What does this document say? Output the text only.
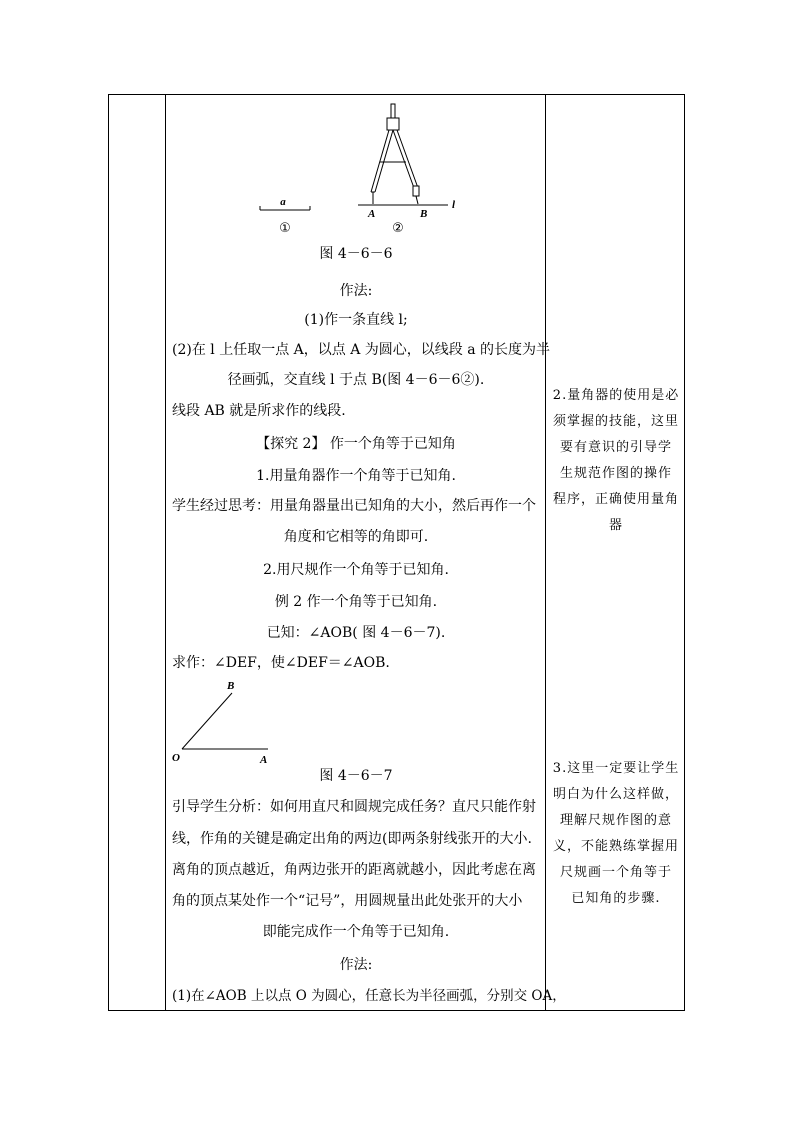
a
①
l
A	B
②
图 4－6－6
作法:
(1)作一条直线 l;
(2)在 l 上任取一点 A，以点 A 为圆心，以线段 a 的长度为半
径画弧，交直线 l 于点 B(图 4－6－6②).
线段 AB 就是所求作的线段.
【探究 2】 作一个角等于已知角
1.用量角器作一个角等于已知角.
学生经过思考：用量角器量出已知角的大小，然后再作一个
角度和它相等的角即可.
2.用尺规作一个角等于已知角.
例 2 作一个角等于已知角.
已知：∠AOB( 图 4－6－7).
求作：∠DEF，使∠DEF＝∠AOB.
B
O	A
图 4－6－7
引导学生分析：如何用直尺和圆规完成任务？直尺只能作射
线，作角的关键是确定出角的两边(即两条射线张开的大小.
离角的顶点越近，角两边张开的距离就越小，因此考虑在离
角的顶点某处作一个“记号”，用圆规量出此处张开的大小
即能完成作一个角等于已知角.
作法:
(1)在∠AOB 上以点 O 为圆心，任意长为半径画弧，分别交 OA，
2.量角器的使用是必
须掌握的技能，这里
要有意识的引导学
生规范作图的操作
程序，正确使用量角
器
3.这里一定要让学生
明白为什么这样做，
理解尺规作图的意
义，不能熟练掌握用
尺规画一个角等于
已知角的步骤.
